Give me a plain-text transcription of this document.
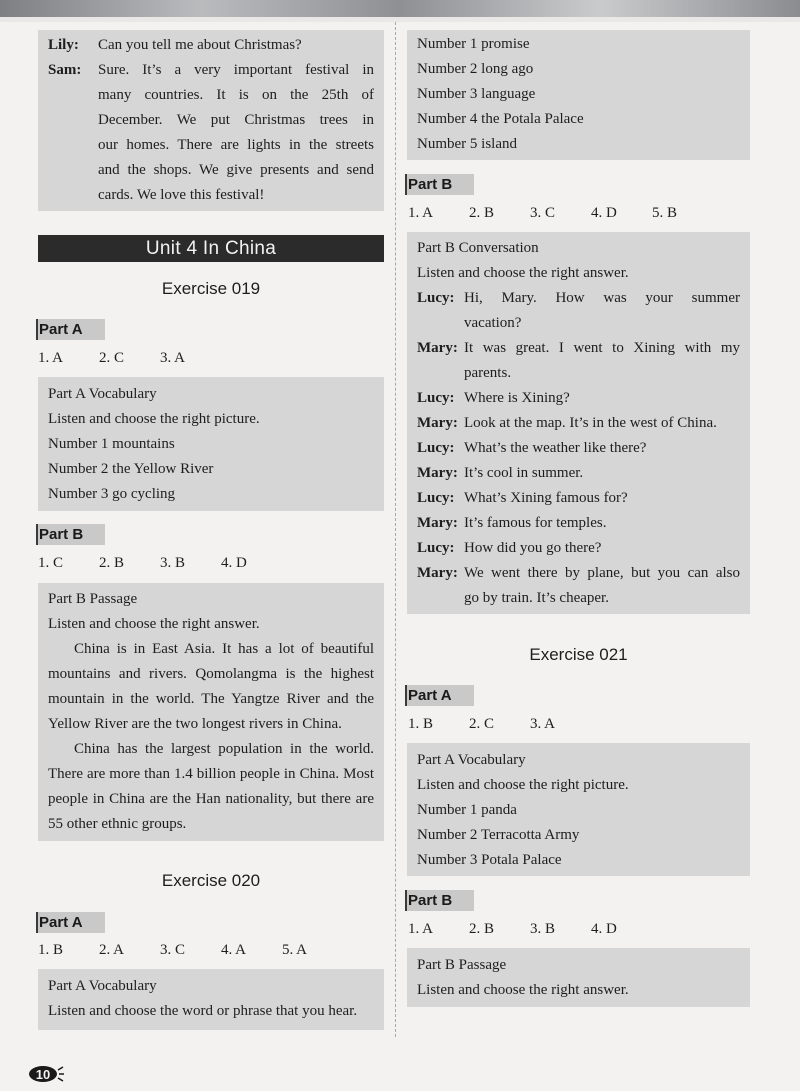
Lily:	Can you tell me about Christmas?
Sam:	Sure. It’s a very important festival in
many countries. It is on the 25th of
December. We put Christmas trees in
our homes. There are lights in the streets
and the shops. We give presents and send
cards. We love this festival!
Unit 4 In China
Exercise 019
Part A
1. A	2. C	3. A
Part A Vocabulary
Listen and choose the right picture.
Number 1 mountains
Number 2 the Yellow River
Number 3 go cycling
Part B
1. C	2. B	3. B	4. D
Part B Passage
Listen and choose the right answer.
China is in East Asia. It has a lot of beautiful mountains and rivers. Qomolangma is the highest mountain in the world. The Yangtze River and the Yellow River are the two longest rivers in China.
China has the largest population in the world. There are more than 1.4 billion people in China. Most people in China are the Han nationality, but there are 55 other ethnic groups.
Exercise 020
Part A
1. B	2. A	3. C	4. A	5. A
Part A Vocabulary
Listen and choose the word or phrase that you hear.
10
Number 1 promise
Number 2 long ago
Number 3 language
Number 4 the Potala Palace
Number 5 island
Part B
1. A	2. B	3. C	4. D	5. B
Part B Conversation
Listen and choose the right answer.
Lucy: Hi, Mary. How was your summer
vacation?
Mary: It was great. I went to Xining with my
parents.
Lucy: Where is Xining?
Mary: Look at the map. It’s in the west of China.
Lucy: What’s the weather like there?
Mary: It’s cool in summer.
Lucy: What’s Xining famous for?
Mary: It’s famous for temples.
Lucy: How did you go there?
Mary: We went there by plane, but you can also
go by train. It’s cheaper.
Exercise 021
Part A
1. B	2. C	3. A
Part A Vocabulary
Listen and choose the right picture.
Number 1 panda
Number 2 Terracotta Army
Number 3 Potala Palace
Part B
1. A	2. B	3. B	4. D
Part B Passage
Listen and choose the right answer.
